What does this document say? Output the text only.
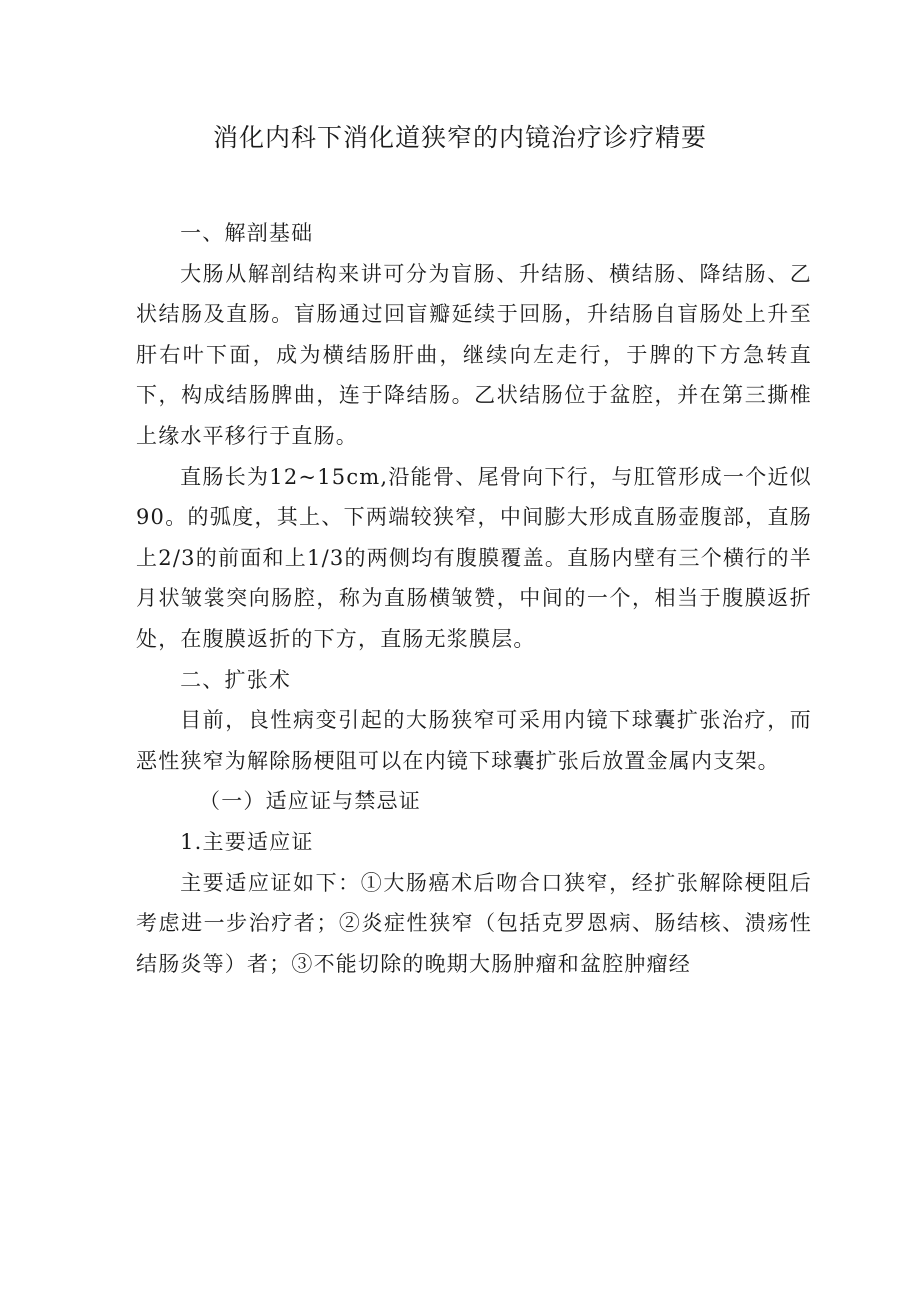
消化内科下消化道狭窄的内镜治疗诊疗精要

一、解剖基础

大肠从解剖结构来讲可分为盲肠、升结肠、横结肠、降结肠、乙状结肠及直肠。盲肠通过回盲瓣延续于回肠，升结肠自盲肠处上升至肝右叶下面，成为横结肠肝曲，继续向左走行，于脾的下方急转直下，构成结肠脾曲，连于降结肠。乙状结肠位于盆腔，并在第三撕椎上缘水平移行于直肠。

直肠长为12~15cm,沿能骨、尾骨向下行，与肛管形成一个近似90。的弧度，其上、下两端较狭窄，中间膨大形成直肠壶腹部，直肠上2/3的前面和上1/3的两侧均有腹膜覆盖。直肠内壁有三个横行的半月状皱裳突向肠腔，称为直肠横皱赞，中间的一个，相当于腹膜返折处，在腹膜返折的下方，直肠无浆膜层。

二、扩张术

目前，良性病变引起的大肠狭窄可采用内镜下球囊扩张治疗，而恶性狭窄为解除肠梗阻可以在内镜下球囊扩张后放置金属内支架。

（一）适应证与禁忌证

1.主要适应证

主要适应证如下：①大肠癌术后吻合口狭窄，经扩张解除梗阻后考虑进一步治疗者；②炎症性狭窄（包括克罗恩病、肠结核、溃疡性结肠炎等）者；③不能切除的晚期大肠肿瘤和盆腔肿瘤经
